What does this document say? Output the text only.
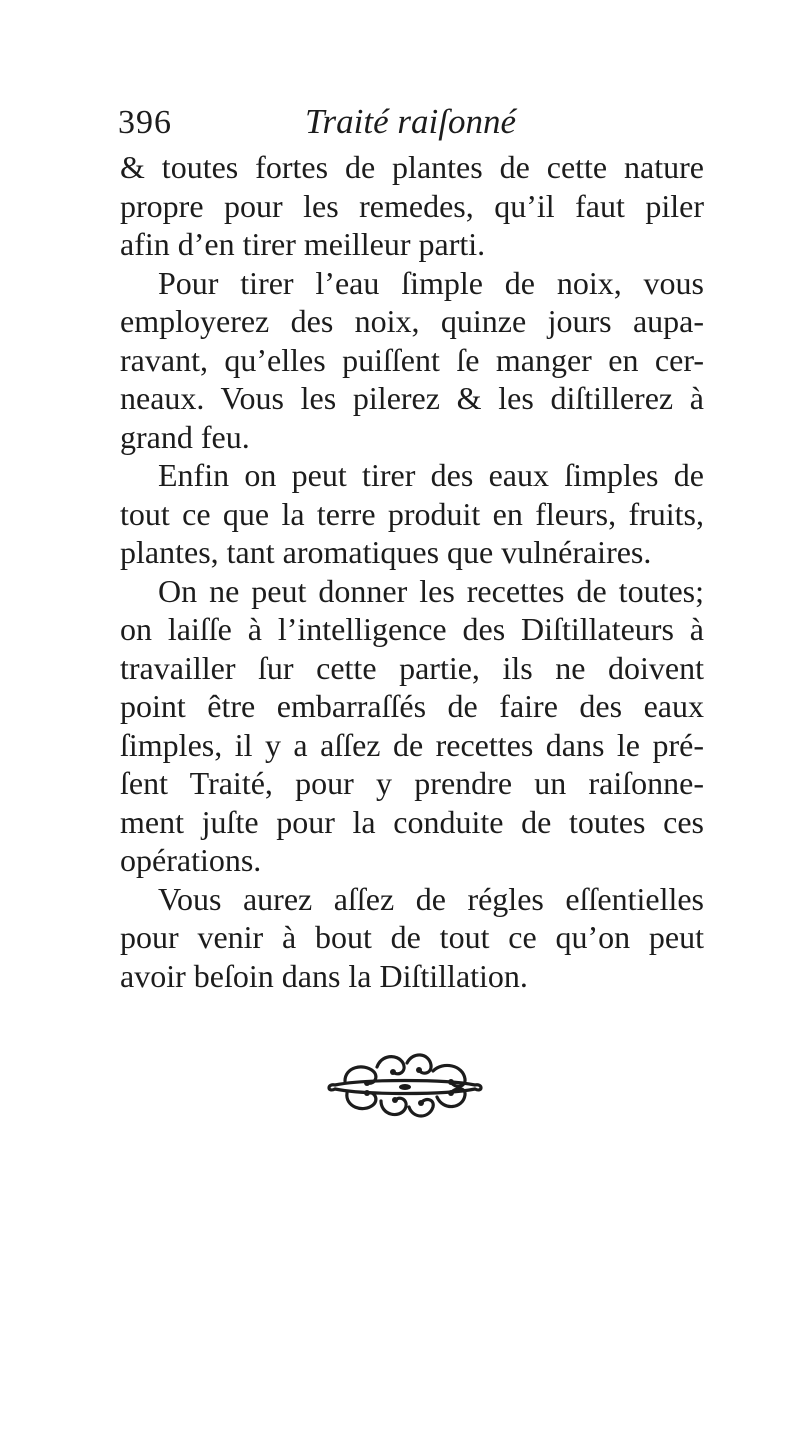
396	Traité raiſonné
& toutes fortes de plantes de cette nature
propre pour les remedes, qu’il faut piler
afin d’en tirer meilleur parti.
Pour tirer l’eau ſimple de noix, vous
employerez des noix, quinze jours aupa-
ravant, qu’elles puiſſent ſe manger en cer-
neaux. Vous les pilerez & les diſtillerez à
grand feu.
Enfin on peut tirer des eaux ſimples de
tout ce que la terre produit en fleurs, fruits,
plantes, tant aromatiques que vulnéraires.
On ne peut donner les recettes de toutes;
on laiſſe à l’intelligence des Diſtillateurs à
travailler ſur cette partie, ils ne doivent
point être embarraſſés de faire des eaux
ſimples, il y a aſſez de recettes dans le pré-
ſent Traité, pour y prendre un raiſonne-
ment juſte pour la conduite de toutes ces
opérations.
Vous aurez aſſez de régles eſſentielles
pour venir à bout de tout ce qu’on peut
avoir beſoin dans la Diſtillation.
